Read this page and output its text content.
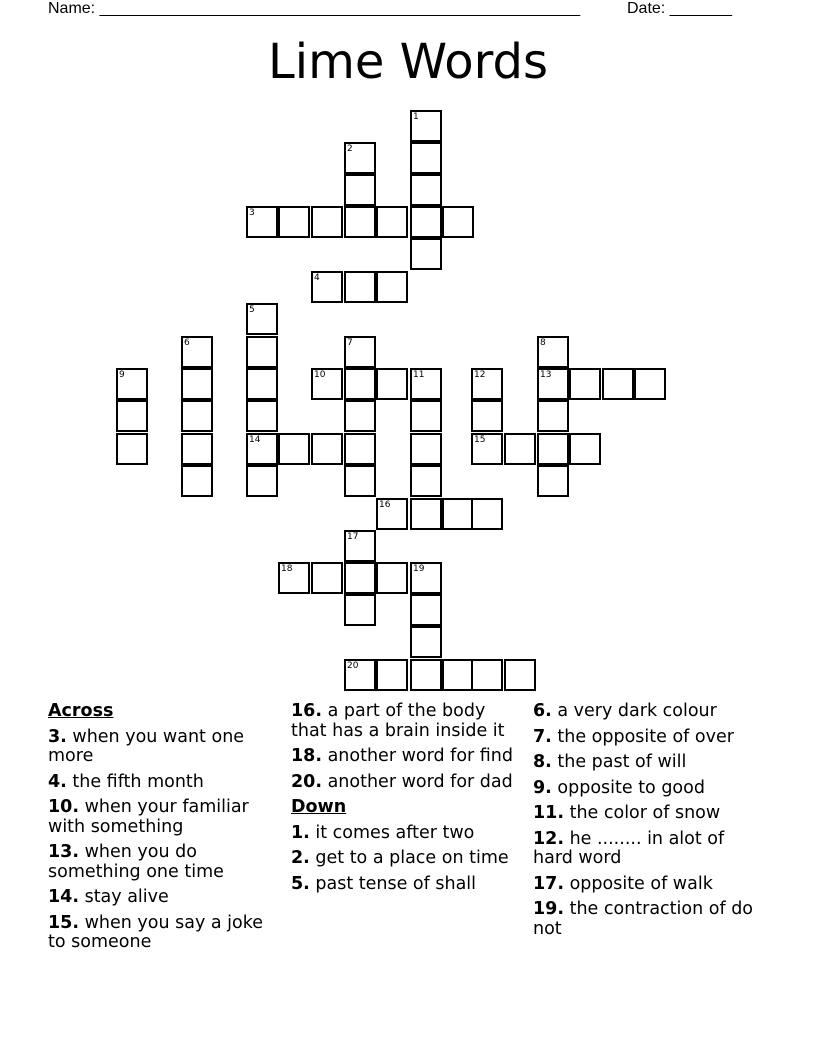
Name: ______________________________________________________	Date: _______
Lime Words
1
2
3
4
5
14
6	7	8
13
9	10	11	12
15
16
17
18	19
20
Across
3. when you want one more
4. the fifth month
10. when your familiar with something
13. when you do something one time
14. stay alive
15. when you say a joke to someone
16. a part of the body that has a brain inside it
18. another word for find
20. another word for dad
Down
1. it comes after two
2. get to a place on time
5. past tense of shall
6. a very dark colour
7. the opposite of over
8. the past of will
9. opposite to good
11. the color of snow
12. he ........ in alot of hard word
17. opposite of walk
19. the contraction of do not
